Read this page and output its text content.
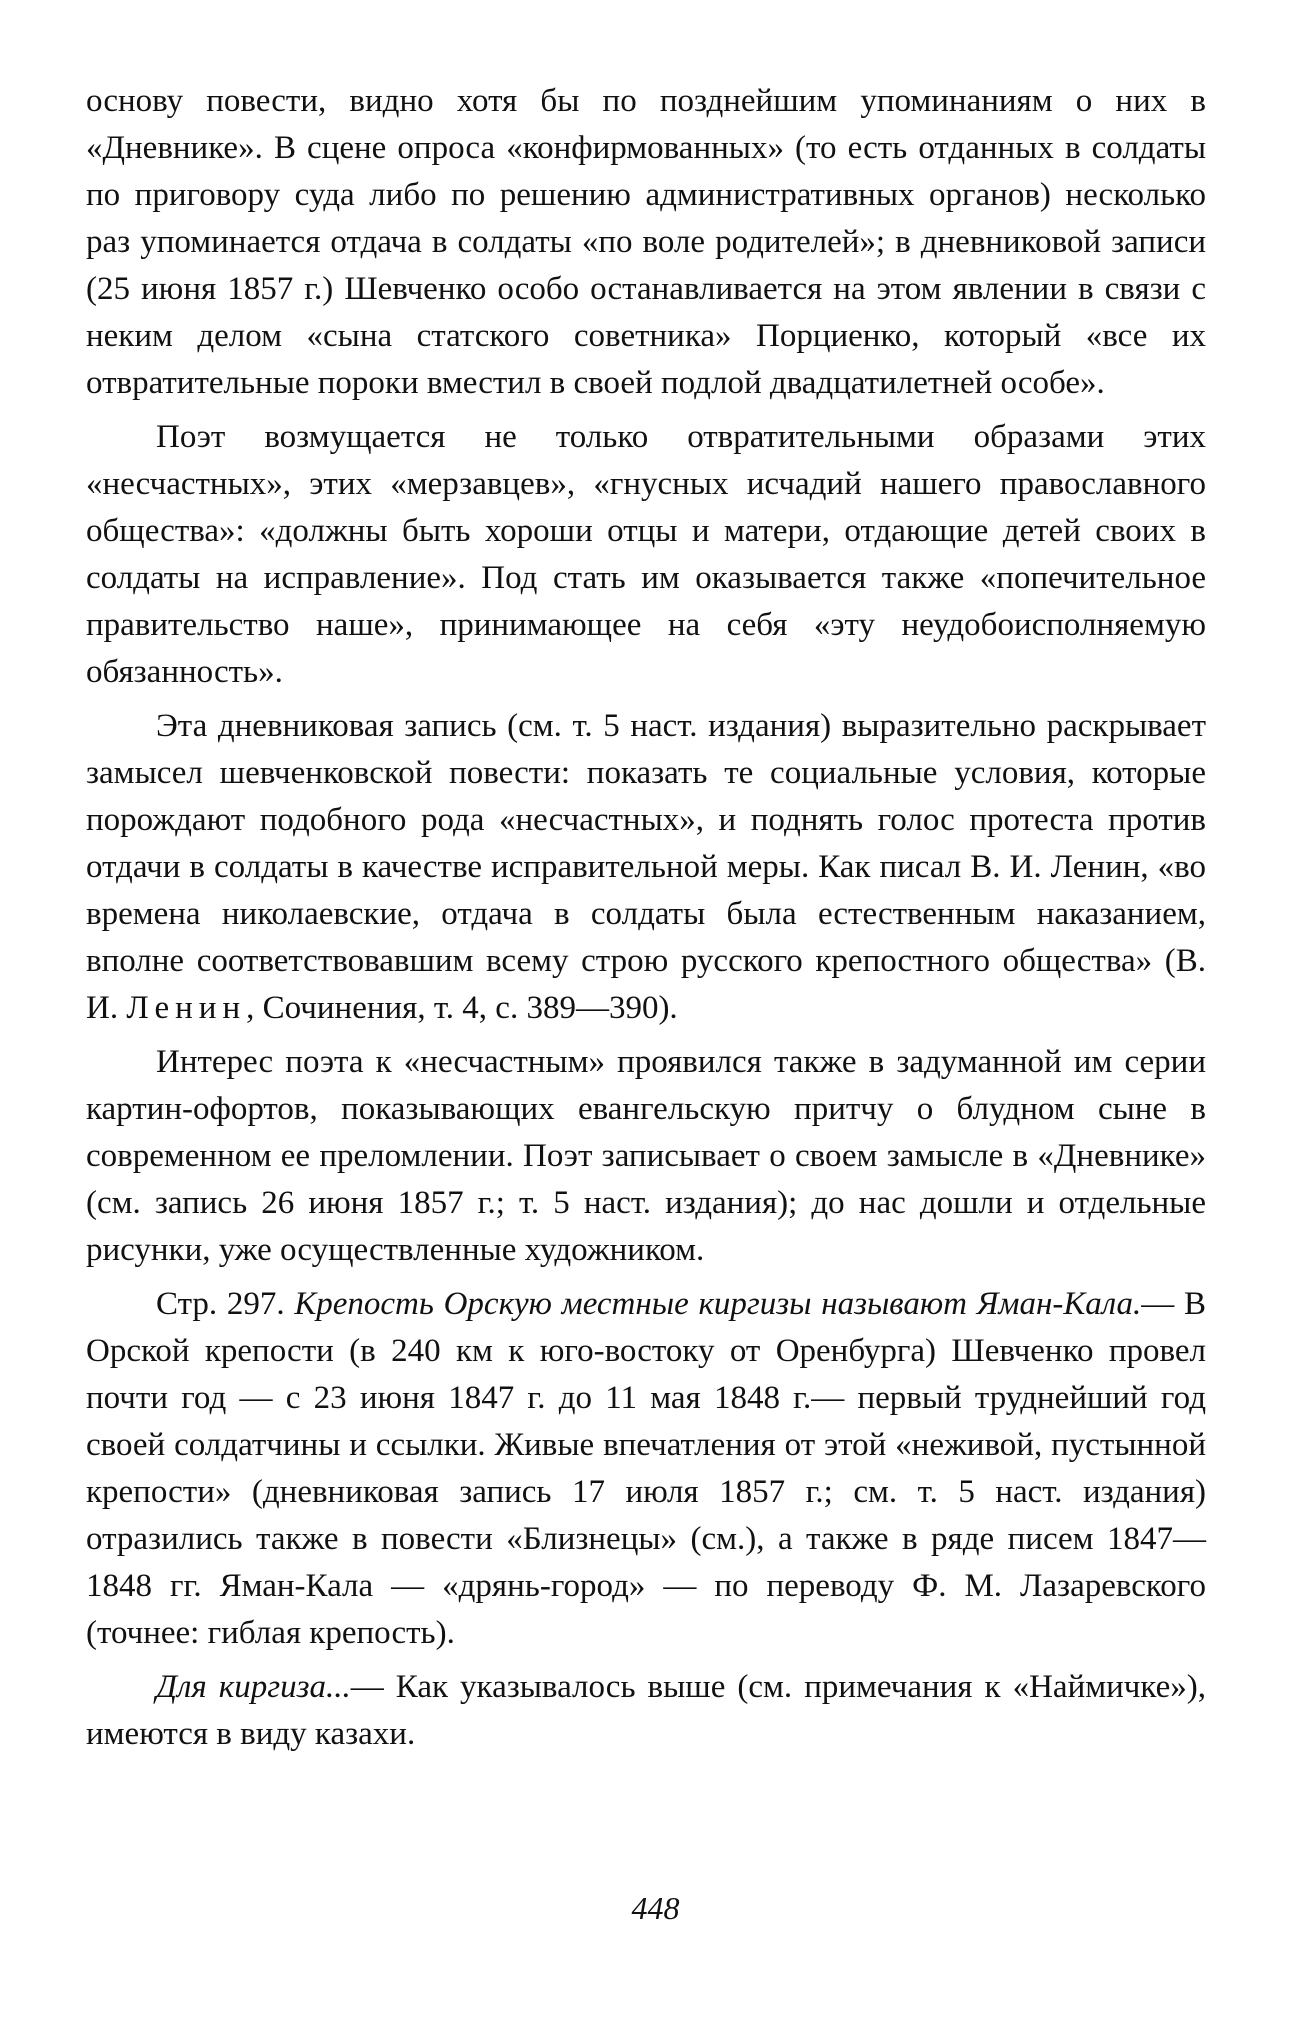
основу повести, видно хотя бы по позднейшим упоминаниям о них в «Дневнике». В сцене опроса «конфирмованных» (то есть отданных в солдаты по приговору суда либо по решению административных органов) несколько раз упоминается отдача в солдаты «по воле родителей»; в дневниковой записи (25 июня 1857 г.) Шевченко особо останавливается на этом явлении в связи с неким делом «сына статского советника» Порциенко, который «все их отвратительные пороки вместил в своей подлой двадцатилетней особе».

Поэт возмущается не только отвратительными образами этих «несчастных», этих «мерзавцев», «гнусных исчадий нашего православного общества»: «должны быть хороши отцы и матери, отдающие детей своих в солдаты на исправление». Под стать им оказывается также «попечительное правительство наше», принимающее на себя «эту неудобоисполняемую обязанность».

Эта дневниковая запись (см. т. 5 наст. издания) выразительно раскрывает замысел шевченковской повести: показать те социальные условия, которые порождают подобного рода «несчастных», и поднять голос протеста против отдачи в солдаты в качестве исправительной меры. Как писал В. И. Ленин, «во времена николаевские, отдача в солдаты была естественным наказанием, вполне соответствовавшим всему строю русского крепостного общества» (В. И. Ленин, Сочинения, т. 4, с. 389—390).

Интерес поэта к «несчастным» проявился также в задуманной им серии картин-офортов, показывающих евангельскую притчу о блудном сыне в современном ее преломлении. Поэт записывает о своем замысле в «Дневнике» (см. запись 26 июня 1857 г.; т. 5 наст. издания); до нас дошли и отдельные рисунки, уже осуществленные художником.

Стр. 297. Крепость Орскую местные киргизы называют Яман-Кала.— В Орской крепости (в 240 км к юго-востоку от Оренбурга) Шевченко провел почти год — с 23 июня 1847 г. до 11 мая 1848 г.— первый труднейший год своей солдатчины и ссылки. Живые впечатления от этой «неживой, пустынной крепости» (дневниковая запись 17 июля 1857 г.; см. т. 5 наст. издания) отразились также в повести «Близнецы» (см.), а также в ряде писем 1847—1848 гг. Яман-Кала — «дрянь-город» — по переводу Ф. М. Лазаревского (точнее: гиблая крепость).

Для киргиза...— Как указывалось выше (см. примечания к «Наймичке»), имеются в виду казахи.

448
